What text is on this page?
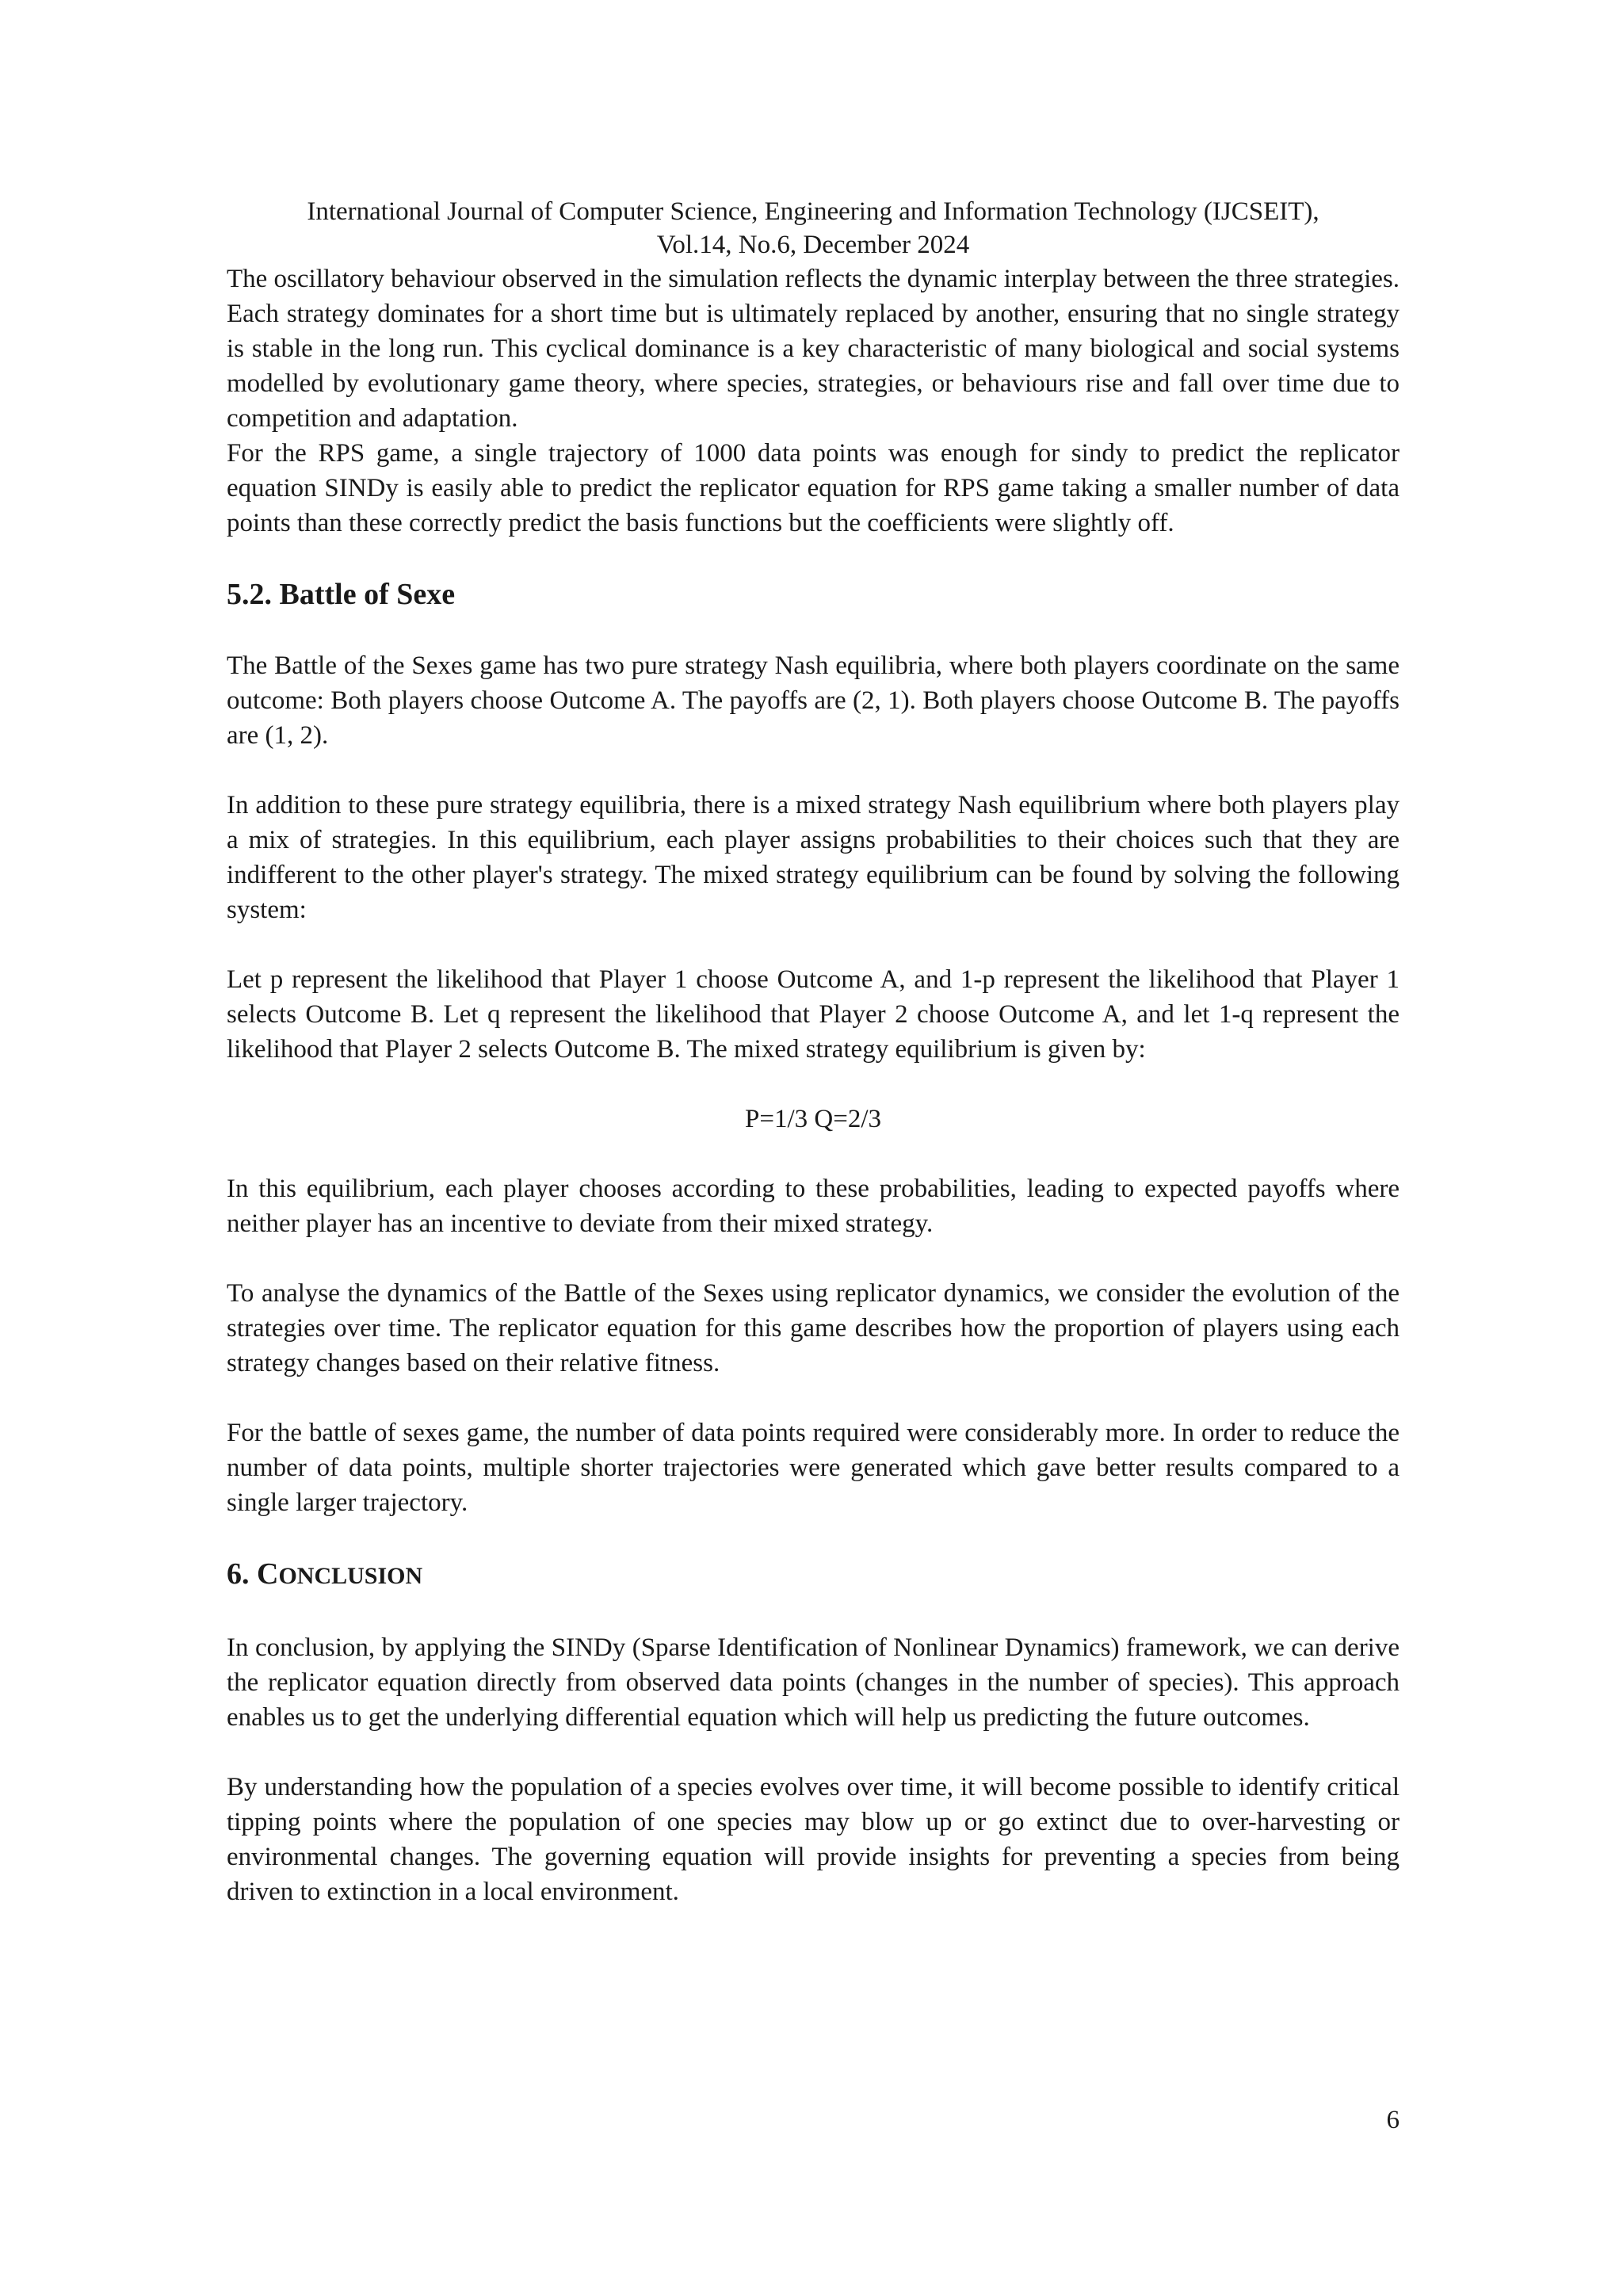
International Journal of Computer Science, Engineering and Information Technology (IJCSEIT),
Vol.14, No.6, December 2024

The oscillatory behaviour observed in the simulation reflects the dynamic interplay between the three strategies. Each strategy dominates for a short time but is ultimately replaced by another, ensuring that no single strategy is stable in the long run. This cyclical dominance is a key characteristic of many biological and social systems modelled by evolutionary game theory, where species, strategies, or behaviours rise and fall over time due to competition and adaptation.

For the RPS game, a single trajectory of 1000 data points was enough for sindy to predict the replicator equation SINDy is easily able to predict the replicator equation for RPS game taking a smaller number of data points than these correctly predict the basis functions but the coefficients were slightly off.

5.2. Battle of Sexe

The Battle of the Sexes game has two pure strategy Nash equilibria, where both players coordinate on the same outcome: Both players choose Outcome A. The payoffs are (2, 1). Both players choose Outcome B. The payoffs are (1, 2).

In addition to these pure strategy equilibria, there is a mixed strategy Nash equilibrium where both players play a mix of strategies. In this equilibrium, each player assigns probabilities to their choices such that they are indifferent to the other player's strategy. The mixed strategy equilibrium can be found by solving the following system:

Let p represent the likelihood that Player 1 choose Outcome A, and 1-p represent the likelihood that Player 1 selects Outcome B. Let q represent the likelihood that Player 2 choose Outcome A, and let 1-q represent the likelihood that Player 2 selects Outcome B. The mixed strategy equilibrium is given by:

P=1/3 Q=2/3

In this equilibrium, each player chooses according to these probabilities, leading to expected payoffs where neither player has an incentive to deviate from their mixed strategy.

To analyse the dynamics of the Battle of the Sexes using replicator dynamics, we consider the evolution of the strategies over time. The replicator equation for this game describes how the proportion of players using each strategy changes based on their relative fitness.

For the battle of sexes game, the number of data points required were considerably more. In order to reduce the number of data points, multiple shorter trajectories were generated which gave better results compared to a single larger trajectory.

6. CONCLUSION

In conclusion, by applying the SINDy (Sparse Identification of Nonlinear Dynamics) framework, we can derive the replicator equation directly from observed data points (changes in the number of species). This approach enables us to get the underlying differential equation which will help us predicting the future outcomes.

By understanding how the population of a species evolves over time, it will become possible to identify critical tipping points where the population of one species may blow up or go extinct due to over-harvesting or environmental changes. The governing equation will provide insights for preventing a species from being driven to extinction in a local environment.

6
